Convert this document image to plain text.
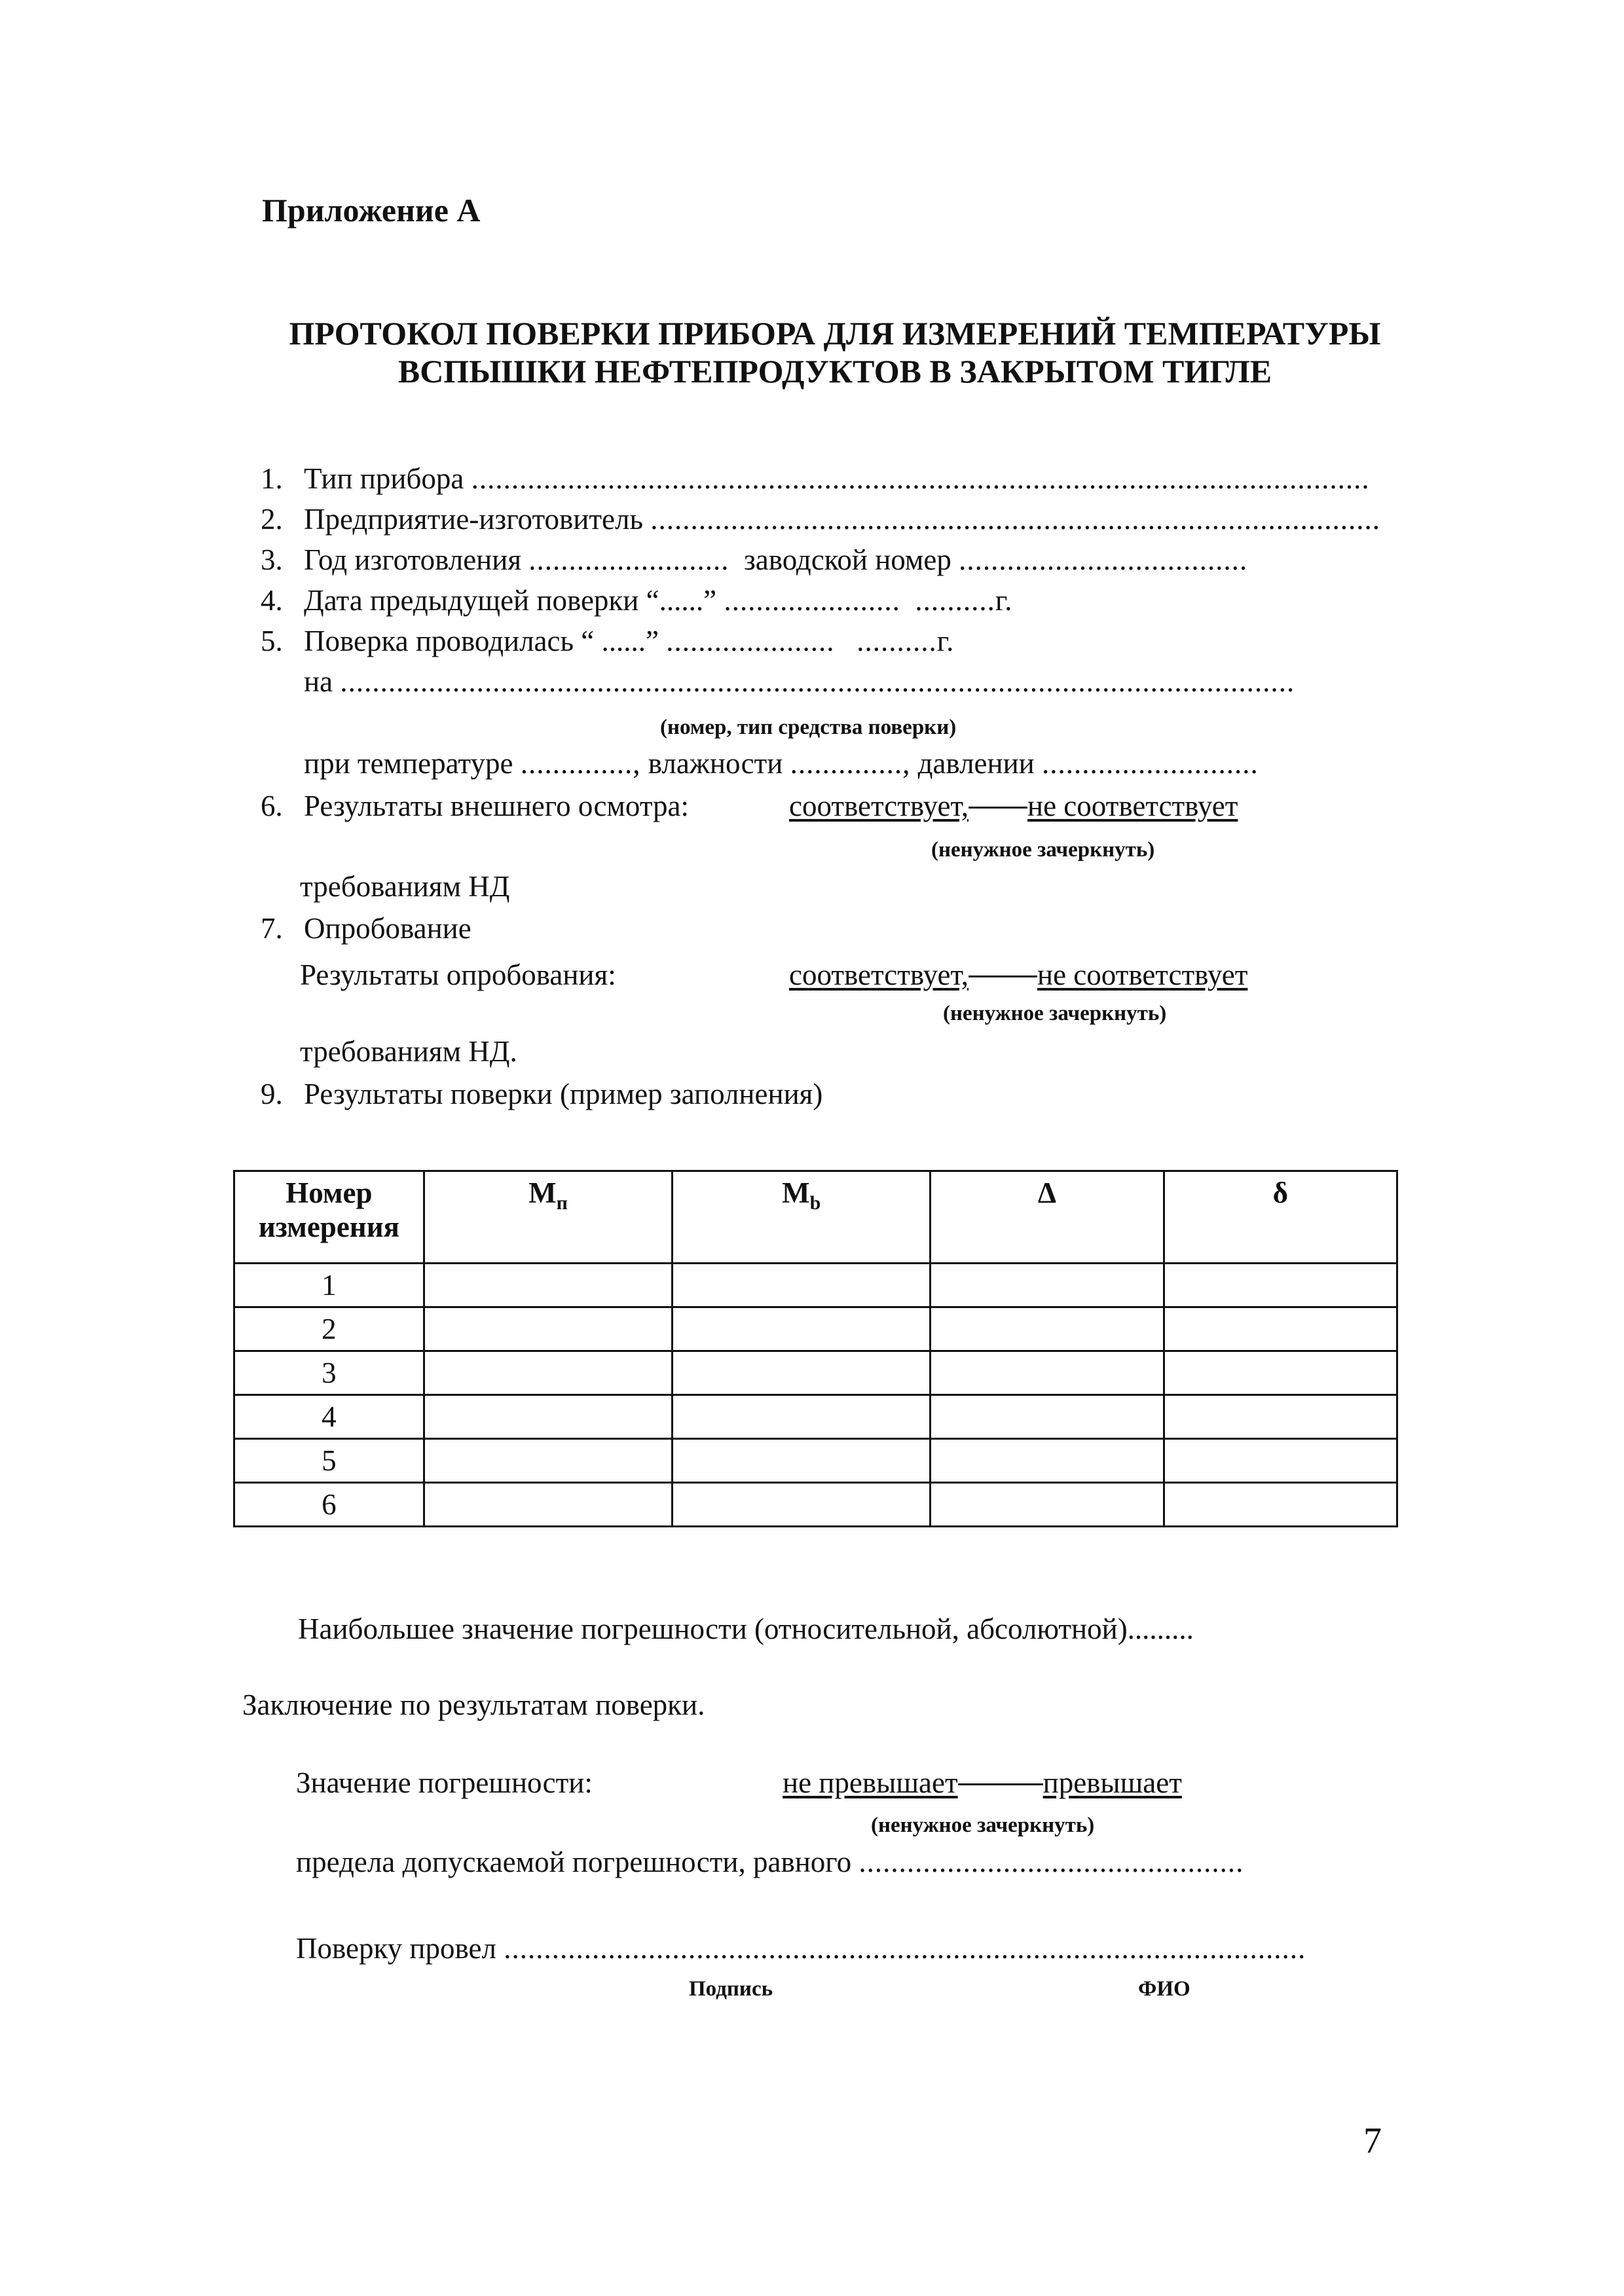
Приложение А
ПРОТОКОЛ ПОВЕРКИ ПРИБОРА ДЛЯ ИЗМЕРЕНИЙ ТЕМПЕРАТУРЫ
ВСПЫШКИ НЕФТЕПРОДУКТОВ В ЗАКРЫТОМ ТИГЛЕ
1. Тип прибора ................................................................................................................
2. Предприятие-изготовитель ...........................................................................................
3. Год изготовления ......................... заводской номер ....................................
4. Дата предыдущей поверки “......” ...................... ..........г.
5. Поверка проводилась “ ......” ..................... ..........г.
на .......................................................................................................................
(номер, тип средства поверки)
при температуре .............., влажности .............., давлении ...........................
6. Результаты внешнего осмотра:	соответствует, не соответствует
(ненужное зачеркнуть)
требованиям НД
7. Опробование
Результаты опробования:	соответствует, не соответствует
(ненужное зачеркнуть)
требованиям НД.
9. Результаты поверки (пример заполнения)
Номер
измерения	$М_п$	$М_b$	Δ	δ
1				
2				
3				
4				
5				
6				
Наибольшее значение погрешности (относительной, абсолютной).........
Заключение по результатам поверки.
Значение погрешности:	не превышает	превышает
(ненужное зачеркнуть)
предела допускаемой погрешности, равного ................................................
Поверку провел ....................................................................................................
Подпись	ФИО
7
